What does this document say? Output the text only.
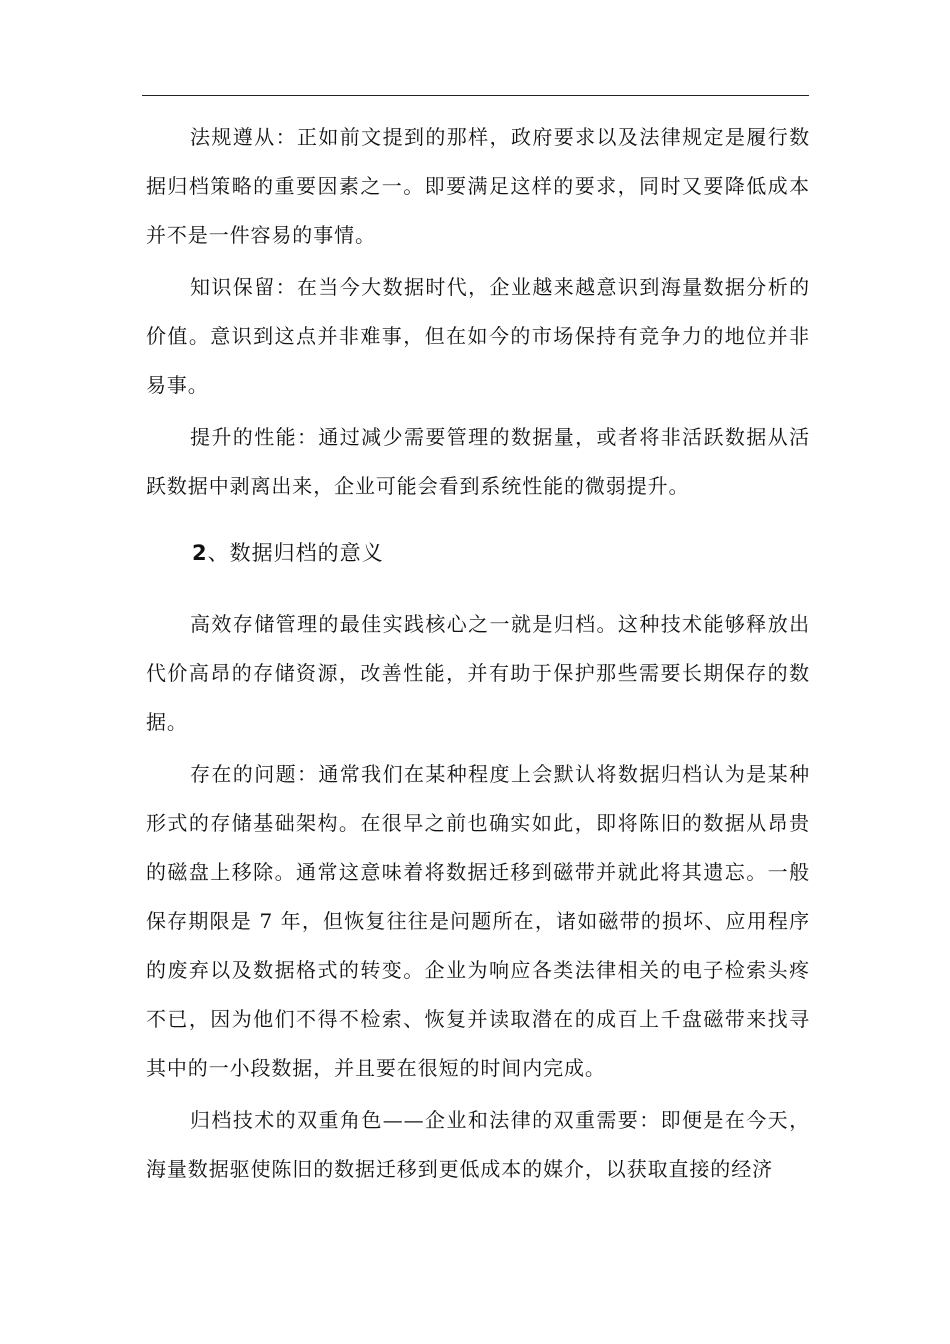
法规遵从：正如前文提到的那样，政府要求以及法律规定是履行数据归档策略的重要因素之一。即要满足这样的要求，同时又要降低成本并不是一件容易的事情。

知识保留：在当今大数据时代，企业越来越意识到海量数据分析的价值。意识到这点并非难事，但在如今的市场保持有竞争力的地位并非易事。

提升的性能：通过减少需要管理的数据量，或者将非活跃数据从活跃数据中剥离出来，企业可能会看到系统性能的微弱提升。

2、数据归档的意义

高效存储管理的最佳实践核心之一就是归档。这种技术能够释放出代价高昂的存储资源，改善性能，并有助于保护那些需要长期保存的数据。

存在的问题：通常我们在某种程度上会默认将数据归档认为是某种形式的存储基础架构。在很早之前也确实如此，即将陈旧的数据从昂贵的磁盘上移除。通常这意味着将数据迁移到磁带并就此将其遗忘。一般保存期限是 7 年，但恢复往往是问题所在，诸如磁带的损坏、应用程序的废弃以及数据格式的转变。企业为响应各类法律相关的电子检索头疼不已，因为他们不得不检索、恢复并读取潜在的成百上千盘磁带来找寻其中的一小段数据，并且要在很短的时间内完成。

归档技术的双重角色——企业和法律的双重需要：即便是在今天，海量数据驱使陈旧的数据迁移到更低成本的媒介，以获取直接的经济
